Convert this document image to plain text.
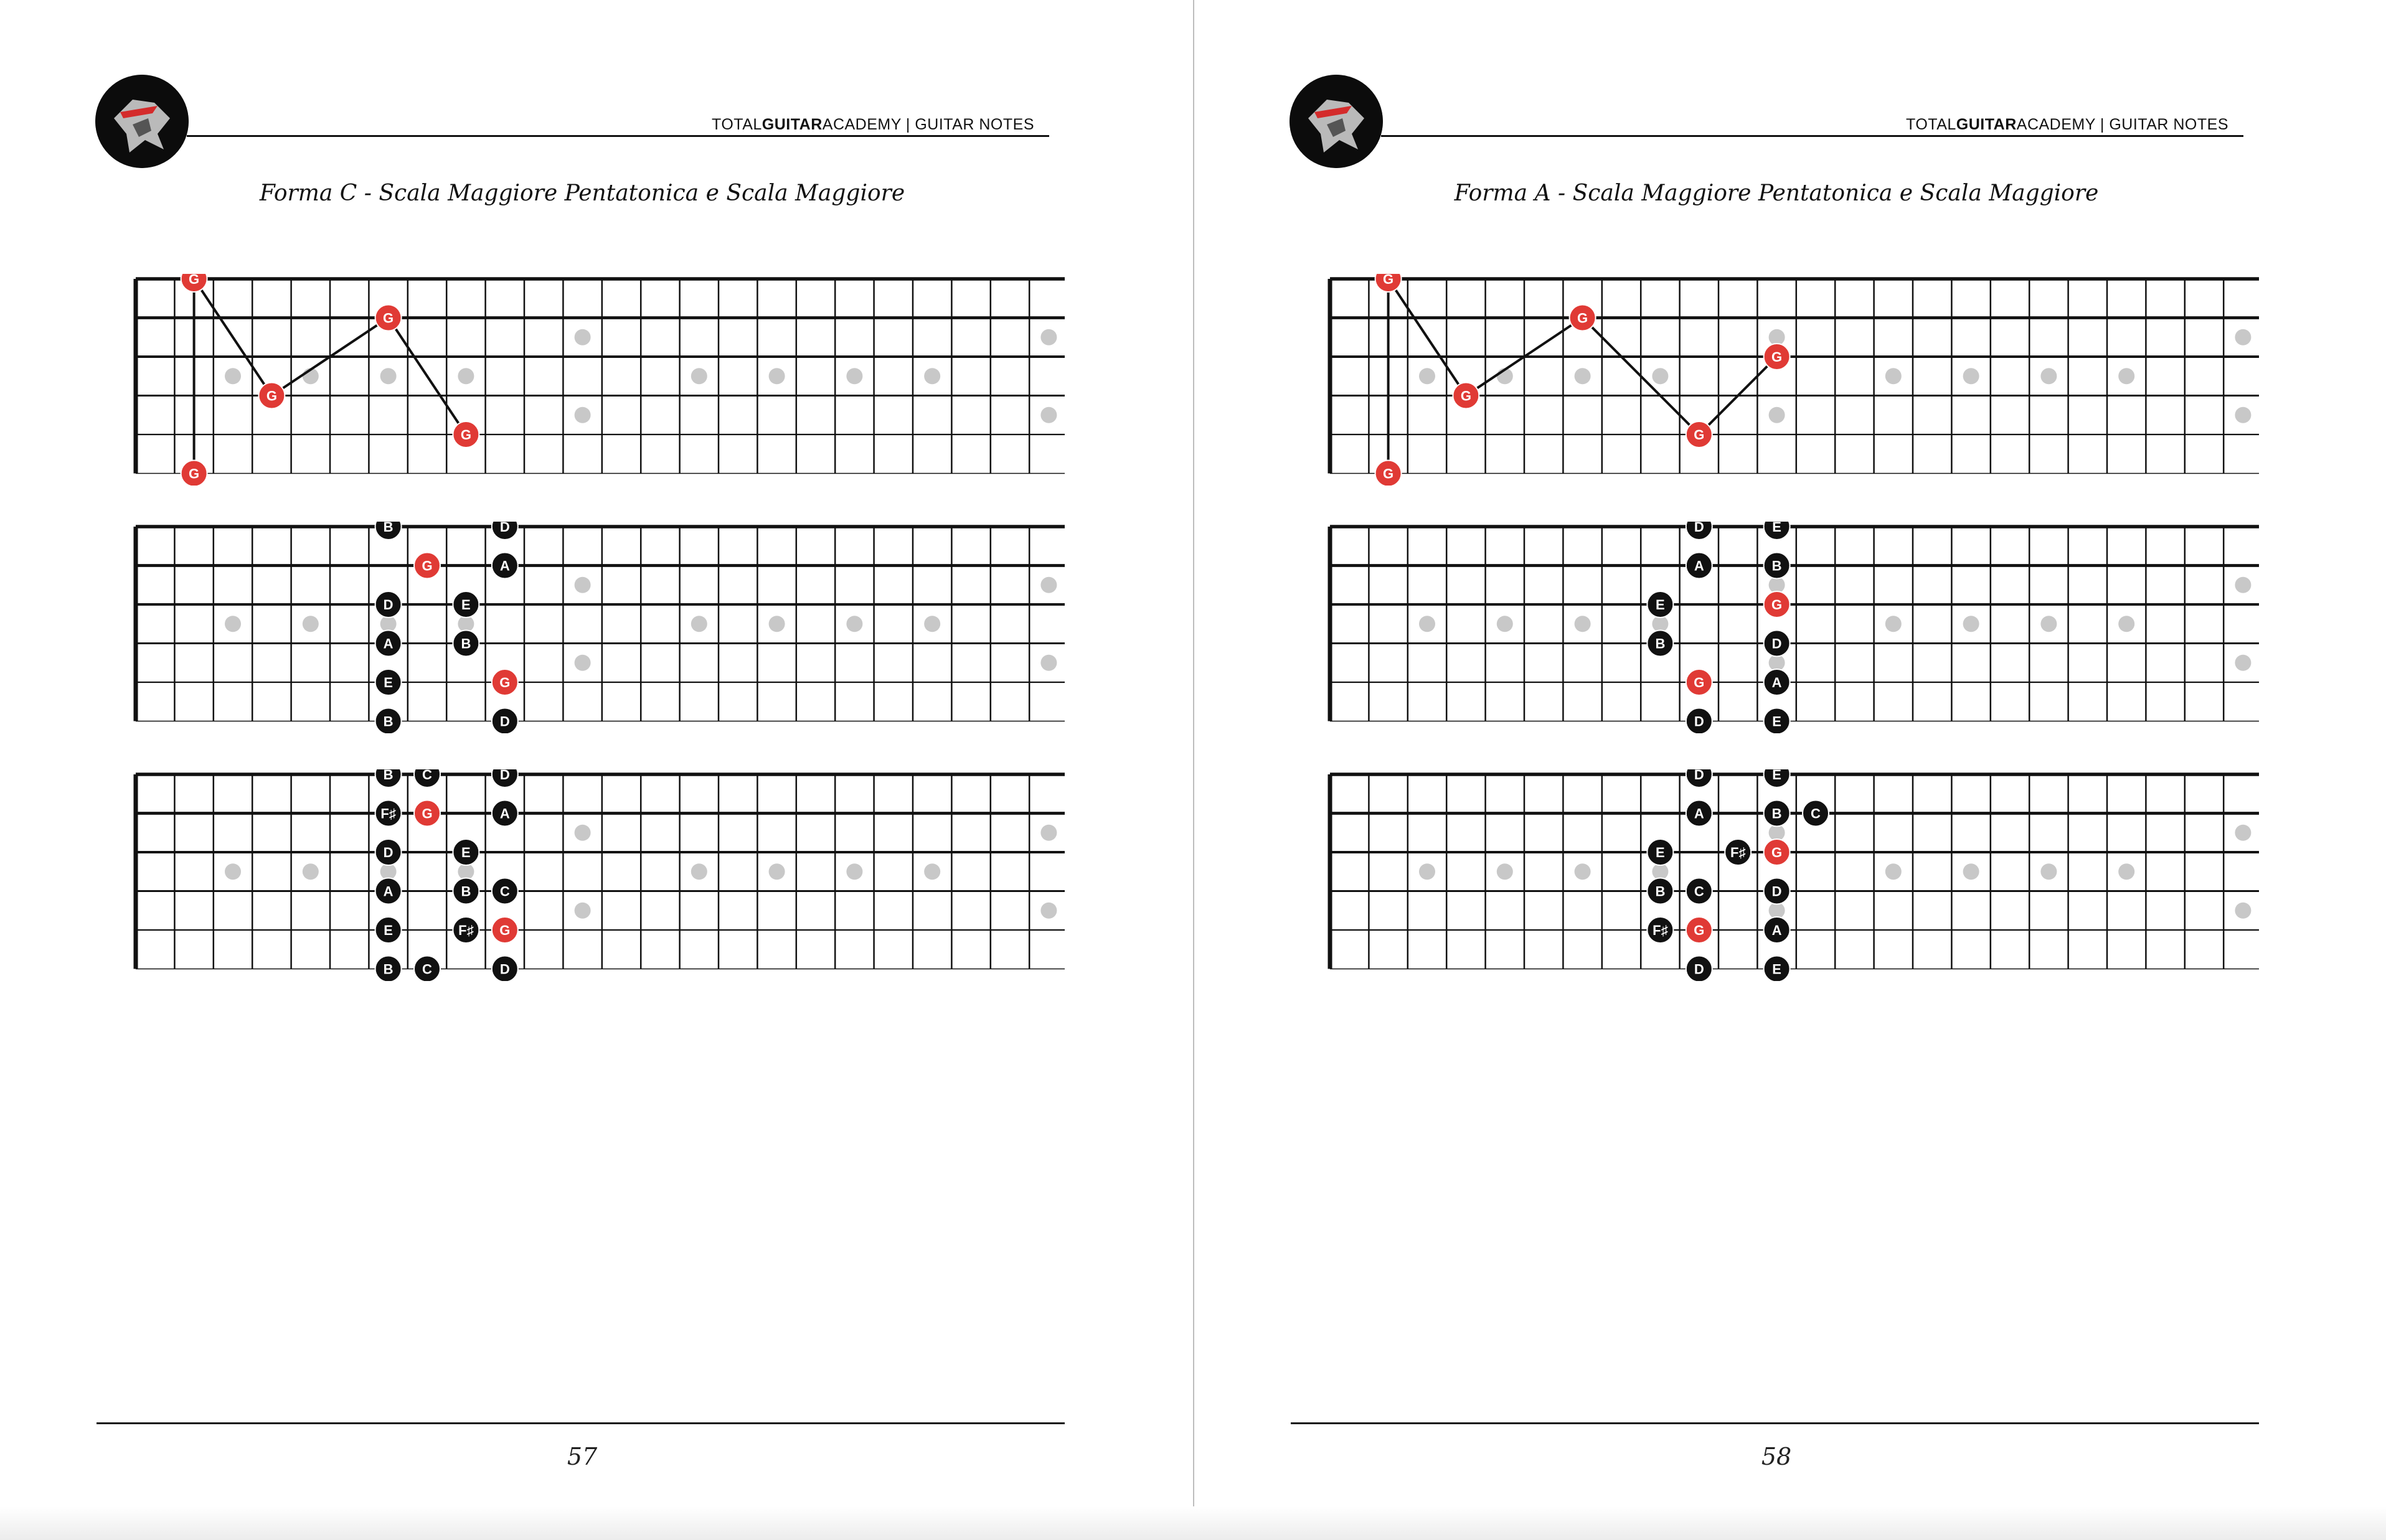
TOTALGUITARACADEMY | GUITAR NOTES
Forma C - Scala Maggiore Pentatonica e Scala Maggiore
G
G
G
G
G
B	D
G	A
D	E
A	B
E	G
B	D
B C	D
F♯ G	A
D	E
A	B C
E	F♯ G
B C	D
57
TOTALGUITARACADEMY | GUITAR NOTES
Forma A - Scala Maggiore Pentatonica e Scala Maggiore
G
G
G
G
G
G
D	E
A	B
E	G
B	D
G	A
D	E
D	E
A	B C
E	F♯ G
B C	D
F♯ G	A
D	E
58
